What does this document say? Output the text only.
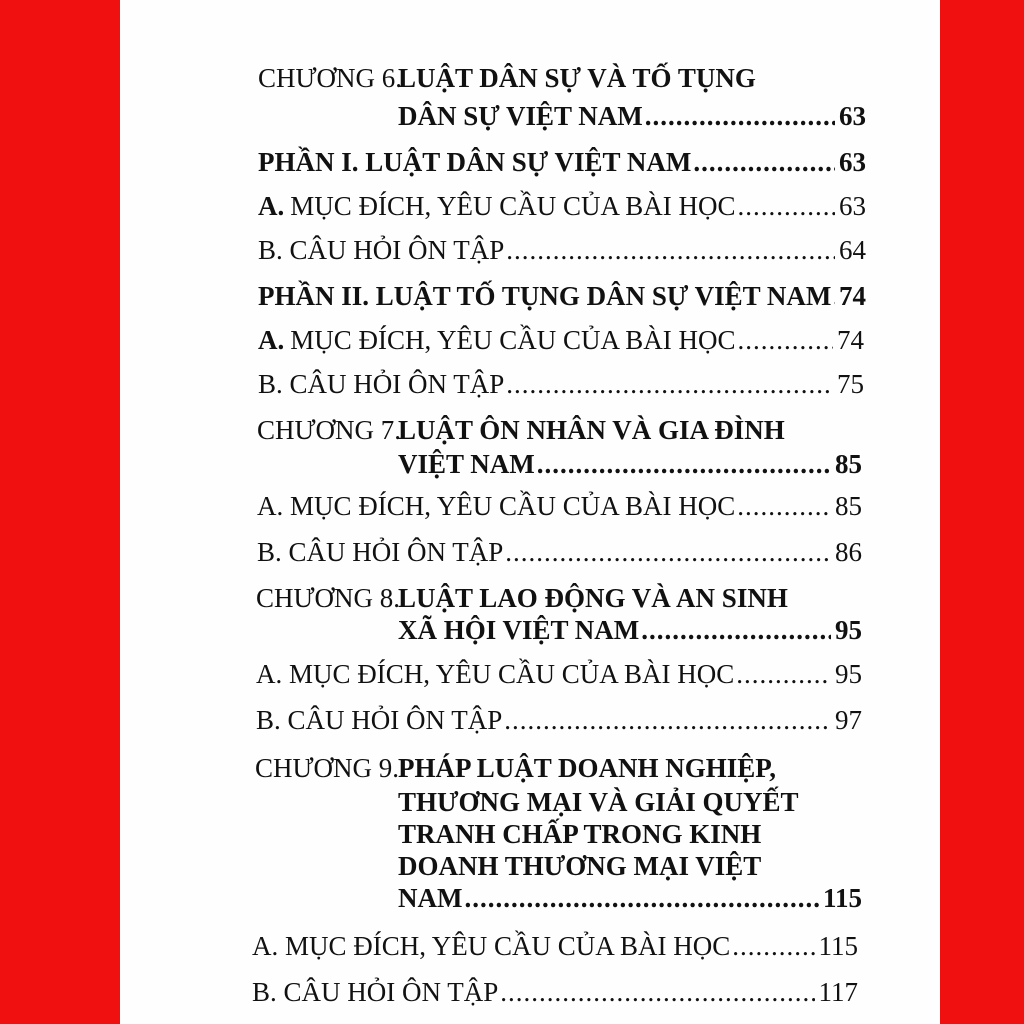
CHƯƠNG 6.
LUẬT DÂN SỰ VÀ TỐ TỤNG
DÂN SỰ VIỆT NAM .....	63
PHẦN I. LUẬT DÂN SỰ VIỆT NAM .....	63
A. MỤC ĐÍCH, YÊU CẦU CỦA BÀI HỌC .....	63
B. CÂU HỎI ÔN TẬP .....	64
PHẦN II. LUẬT TỐ TỤNG DÂN SỰ VIỆT NAM ..... 74
A. MỤC ĐÍCH, YÊU CẦU CỦA BÀI HỌC .....	74
B. CÂU HỎI ÔN TẬP .....	75
CHƯƠNG 7.
LUẬT ÔN NHÂN VÀ GIA ĐÌNH
VIỆT NAM .....	85
A. MỤC ĐÍCH, YÊU CẦU CỦA BÀI HỌC .....	85
B. CÂU HỎI ÔN TẬP .....	86
CHƯƠNG 8.
LUẬT LAO ĐỘNG VÀ AN SINH
XÃ HỘI VIỆT NAM .....	95
A. MỤC ĐÍCH, YÊU CẦU CỦA BÀI HỌC .....	95
B. CÂU HỎI ÔN TẬP .....	97
CHƯƠNG 9. PHÁP LUẬT DOANH NGHIỆP,
THƯƠNG MẠI VÀ GIẢI QUYẾT
TRANH CHẤP TRONG KINH
DOANH THƯƠNG MẠI VIỆT
NAM .....	115
A. MỤC ĐÍCH, YÊU CẦU CỦA BÀI HỌC .....	115
B. CÂU HỎI ÔN TẬP .....	117
